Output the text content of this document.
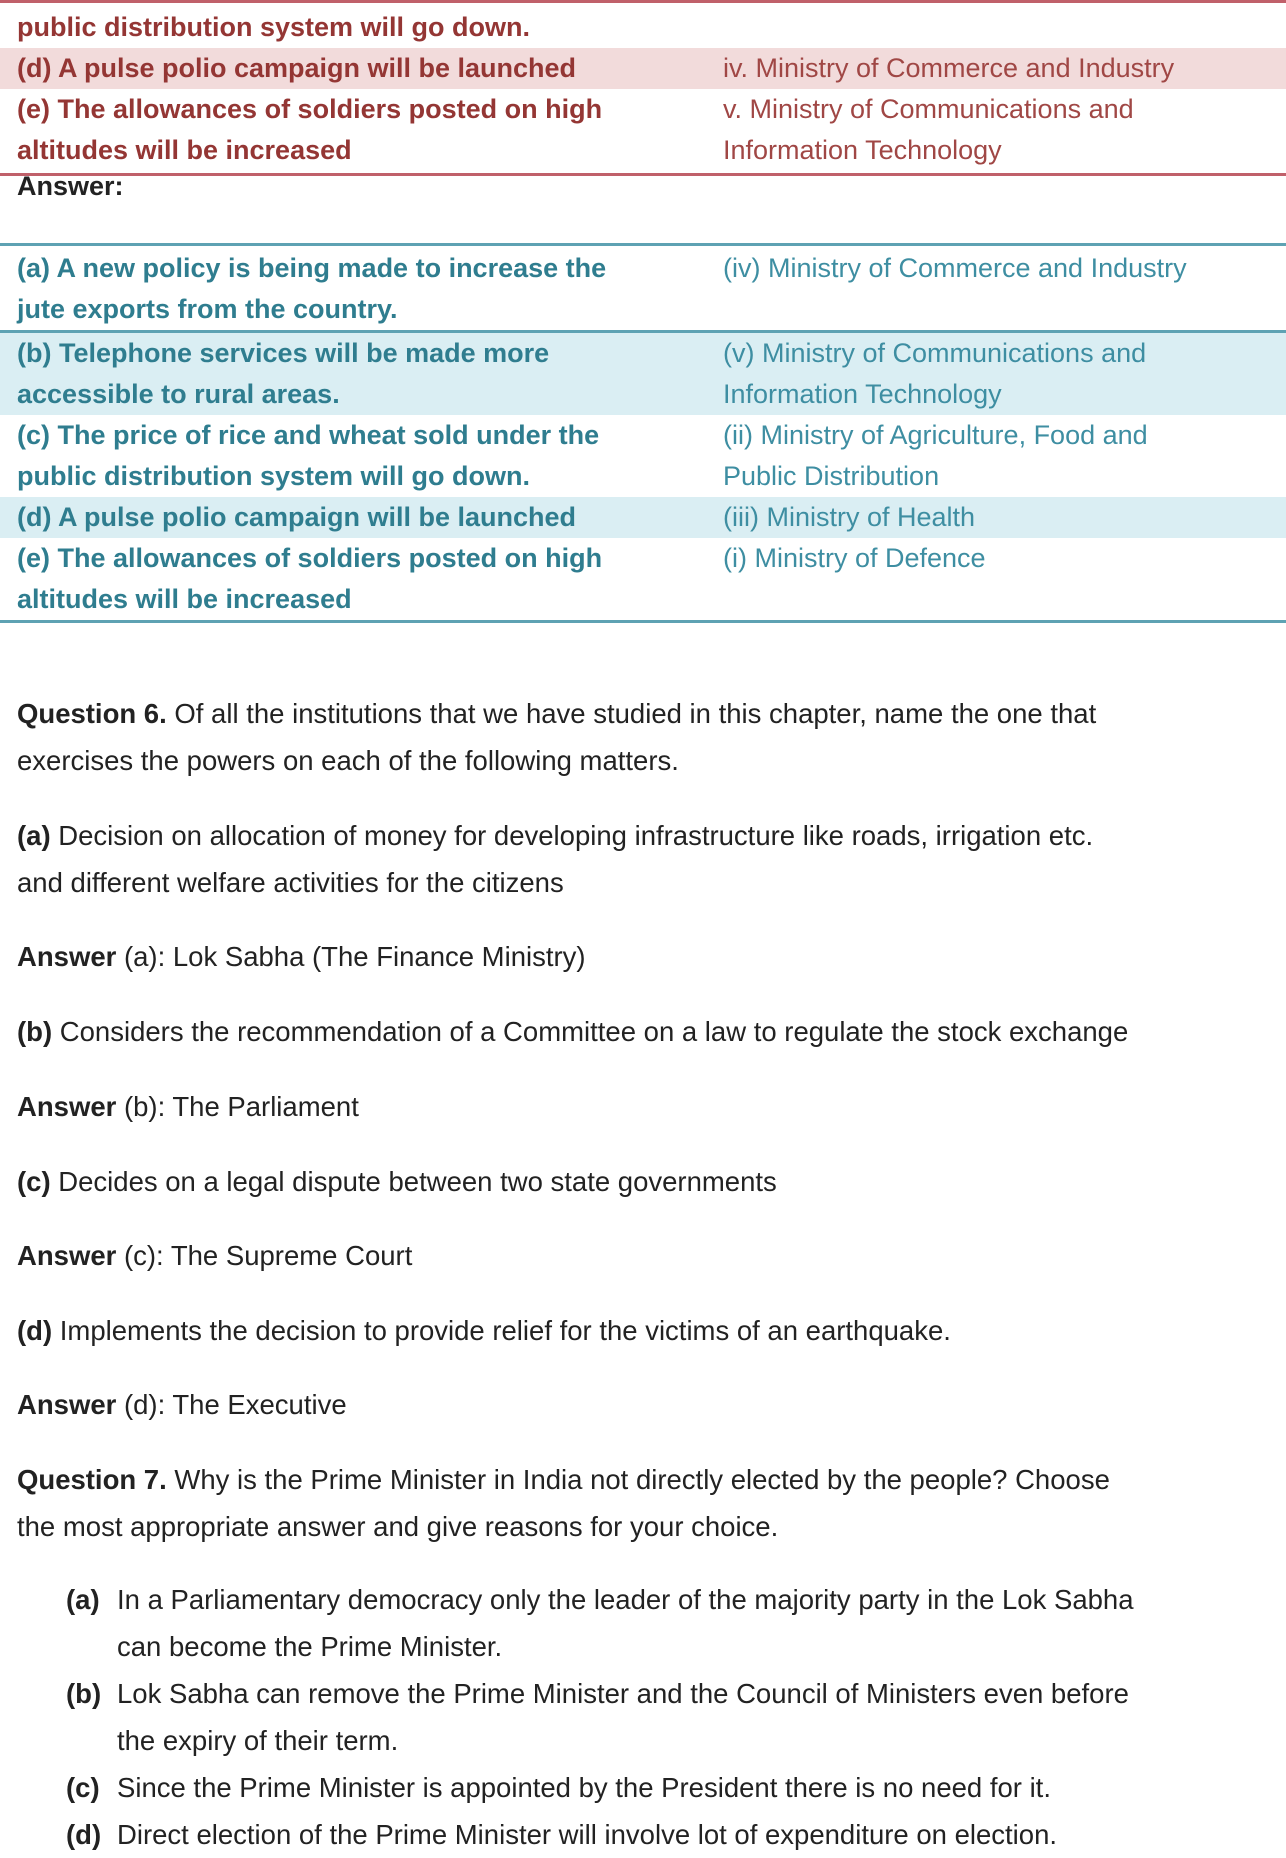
public distribution system will go down.
(d) A pulse polio campaign will be launched	iv. Ministry of Commerce and Industry
(e) The allowances of soldiers posted on high
altitudes will be increased
v. Ministry of Communications and
Information Technology
Answer:
(a) A new policy is being made to increase the
jute exports from the country.
(iv) Ministry of Commerce and Industry
(b) Telephone services will be made more
accessible to rural areas.
(v) Ministry of Communications and
Information Technology
(c) The price of rice and wheat sold under the
public distribution system will go down.
(ii) Ministry of Agriculture, Food and
Public Distribution
(d) A pulse polio campaign will be launched	(iii) Ministry of Health
(e) The allowances of soldiers posted on high
altitudes will be increased
(i) Ministry of Defence
Question 6. Of all the institutions that we have studied in this chapter, name the one that
exercises the powers on each of the following matters.
(a) Decision on allocation of money for developing infrastructure like roads, irrigation etc.
and different welfare activities for the citizens
Answer (a): Lok Sabha (The Finance Ministry)
(b) Considers the recommendation of a Committee on a law to regulate the stock exchange
Answer (b): The Parliament
(c) Decides on a legal dispute between two state governments
Answer (c): The Supreme Court
(d) Implements the decision to provide relief for the victims of an earthquake.
Answer (d): The Executive
Question 7. Why is the Prime Minister in India not directly elected by the people? Choose
the most appropriate answer and give reasons for your choice.
(a) In a Parliamentary democracy only the leader of the majority party in the Lok Sabha
can become the Prime Minister.
(b) Lok Sabha can remove the Prime Minister and the Council of Ministers even before
the expiry of their term.
(c) Since the Prime Minister is appointed by the President there is no need for it.
(d) Direct election of the Prime Minister will involve lot of expenditure on election.
